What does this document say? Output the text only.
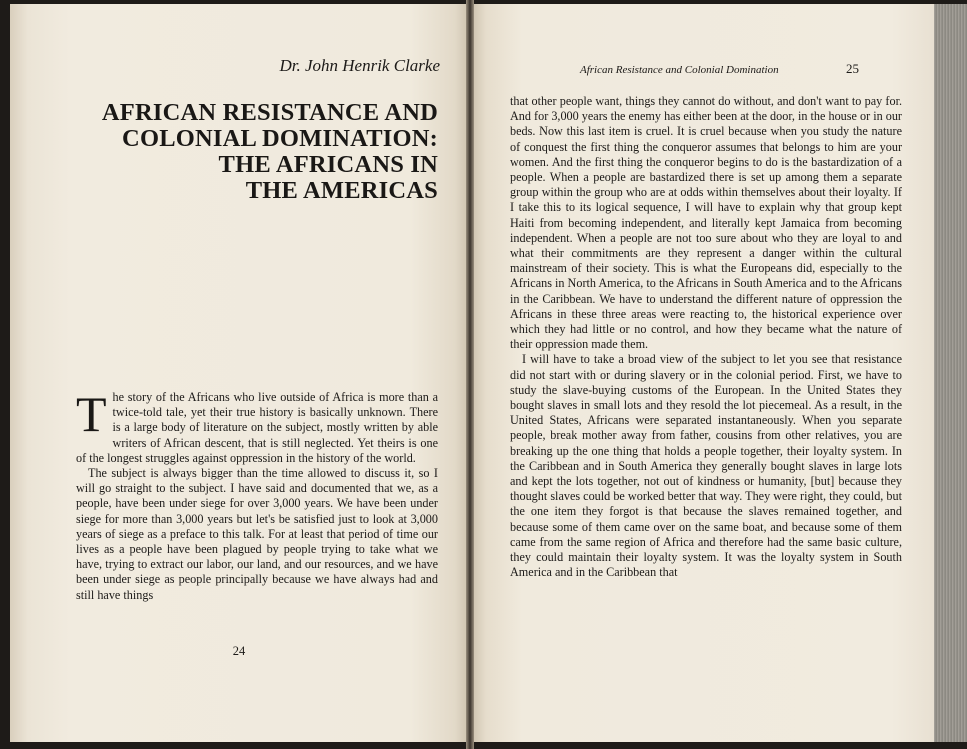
Dr. John Henrik Clarke
AFRICAN RESISTANCE AND
COLONIAL DOMINATION:
THE AFRICANS IN
THE AMERICAS

The story of the Africans who live outside of Africa is more than a twice-told tale, yet their true history is basically unknown. There is a large body of literature on the subject, mostly written by able writers of African descent, that is still neglected. Yet theirs is one of the longest struggles against oppression in the history of the world.

The subject is always bigger than the time allowed to discuss it, so I will go straight to the subject. I have said and documented that we, as a people, have been under siege for over 3,000 years. We have been under siege for more than 3,000 years but let's be satisfied just to look at 3,000 years of siege as a preface to this talk. For at least that period of time our lives as a people have been plagued by people trying to take what we have, trying to extract our labor, our land, and our resources, and we have been under siege as people principally because we have always had and still have things

24
African Resistance and Colonial Domination	25

that other people want, things they cannot do without, and don't want to pay for. And for 3,000 years the enemy has either been at the door, in the house or in our beds. Now this last item is cruel. It is cruel because when you study the nature of conquest the first thing the conqueror assumes that belongs to him are your women. And the first thing the conqueror begins to do is the bastardization of a people. When a people are bastardized there is set up among them a separate group within the group who are at odds within themselves about their loyalty. If I take this to its logical sequence, I will have to explain why that group kept Haiti from becoming independent, and literally kept Jamaica from becoming independent. When a people are not too sure about who they are loyal to and what their commitments are they represent a danger within the cultural mainstream of their society. This is what the Europeans did, especially to the Africans in North America, to the Africans in South America and to the Africans in the Caribbean. We have to understand the different nature of oppression the Africans in these three areas were reacting to, the historical experience over which they had little or no control, and how they became what the nature of their oppression made them.

I will have to take a broad view of the subject to let you see that resistance did not start with or during slavery or in the colonial period. First, we have to study the slave-buying customs of the European. In the United States they bought slaves in small lots and they resold the lot piecemeal. As a result, in the United States, Africans were separated instantaneously. When you separate people, break mother away from father, cousins from other relatives, you are breaking up the one thing that holds a people together, their loyalty system. In the Caribbean and in South America they generally bought slaves in large lots and kept the lots together, not out of kindness or humanity, [but] because they thought slaves could be worked better that way. They were right, they could, but the one item they forgot is that because the slaves remained together, and because some of them came over on the same boat, and because some of them came from the same region of Africa and therefore had the same basic culture, they could maintain their loyalty system. It was the loyalty system in South America and in the Caribbean that
